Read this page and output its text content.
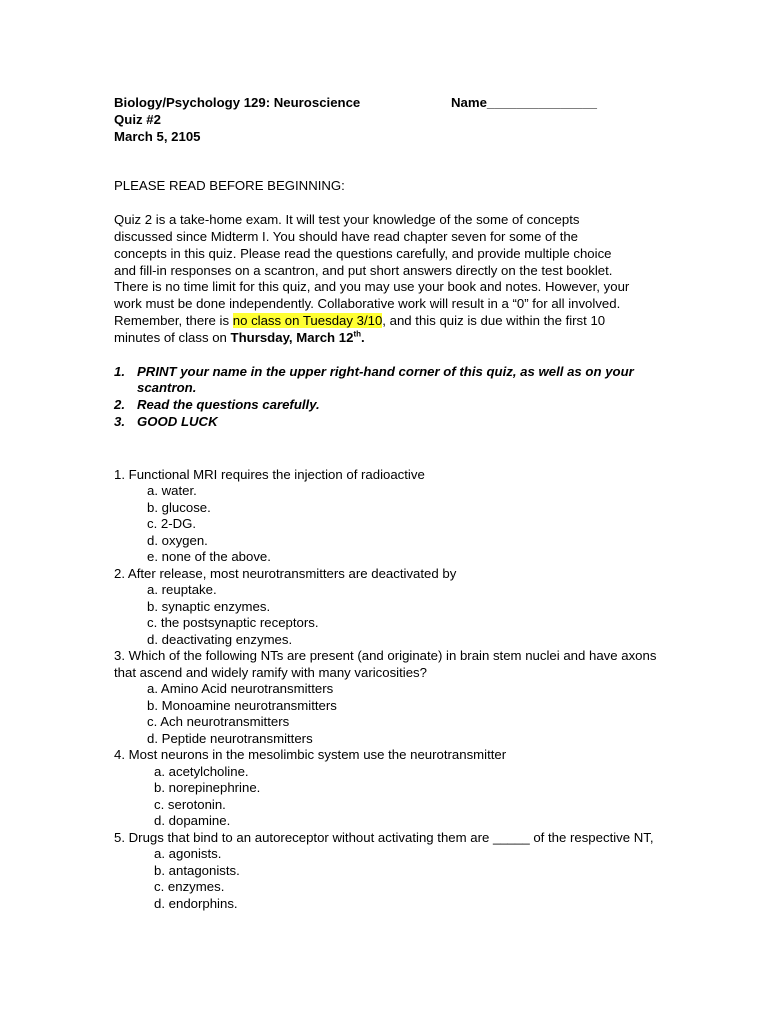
Biology/Psychology 129: Neuroscience	Name_______________
Quiz #2
March 5, 2105
PLEASE READ BEFORE BEGINNING:
Quiz 2 is a take-home exam. It will test your knowledge of the some of concepts
discussed since Midterm I. You should have read chapter seven for some of the
concepts in this quiz. Please read the questions carefully, and provide multiple choice
and fill-in responses on a scantron, and put short answers directly on the test booklet.
There is no time limit for this quiz, and you may use your book and notes. However, your
work must be done independently. Collaborative work will result in a “0” for all involved.
Remember, there is no class on Tuesday 3/10, and this quiz is due within the first 10
minutes of class on Thursday, March 12th.
1. PRINT your name in the upper right-hand corner of this quiz, as well as on your scantron.
2. Read the questions carefully.
3. GOOD LUCK
1. Functional MRI requires the injection of radioactive
a. water.
b. glucose.
c. 2-DG.
d. oxygen.
e. none of the above.
2. After release, most neurotransmitters are deactivated by
a. reuptake.
b. synaptic enzymes.
c. the postsynaptic receptors.
d. deactivating enzymes.
3. Which of the following NTs are present (and originate) in brain stem nuclei and have axons that ascend and widely ramify with many varicosities?
a. Amino Acid neurotransmitters
b. Monoamine neurotransmitters
c. Ach neurotransmitters
d. Peptide neurotransmitters
4. Most neurons in the mesolimbic system use the neurotransmitter
a. acetylcholine.
b. norepinephrine.
c. serotonin.
d. dopamine.
5. Drugs that bind to an autoreceptor without activating them are _____ of the respective NT,
a. agonists.
b. antagonists.
c. enzymes.
d. endorphins.
